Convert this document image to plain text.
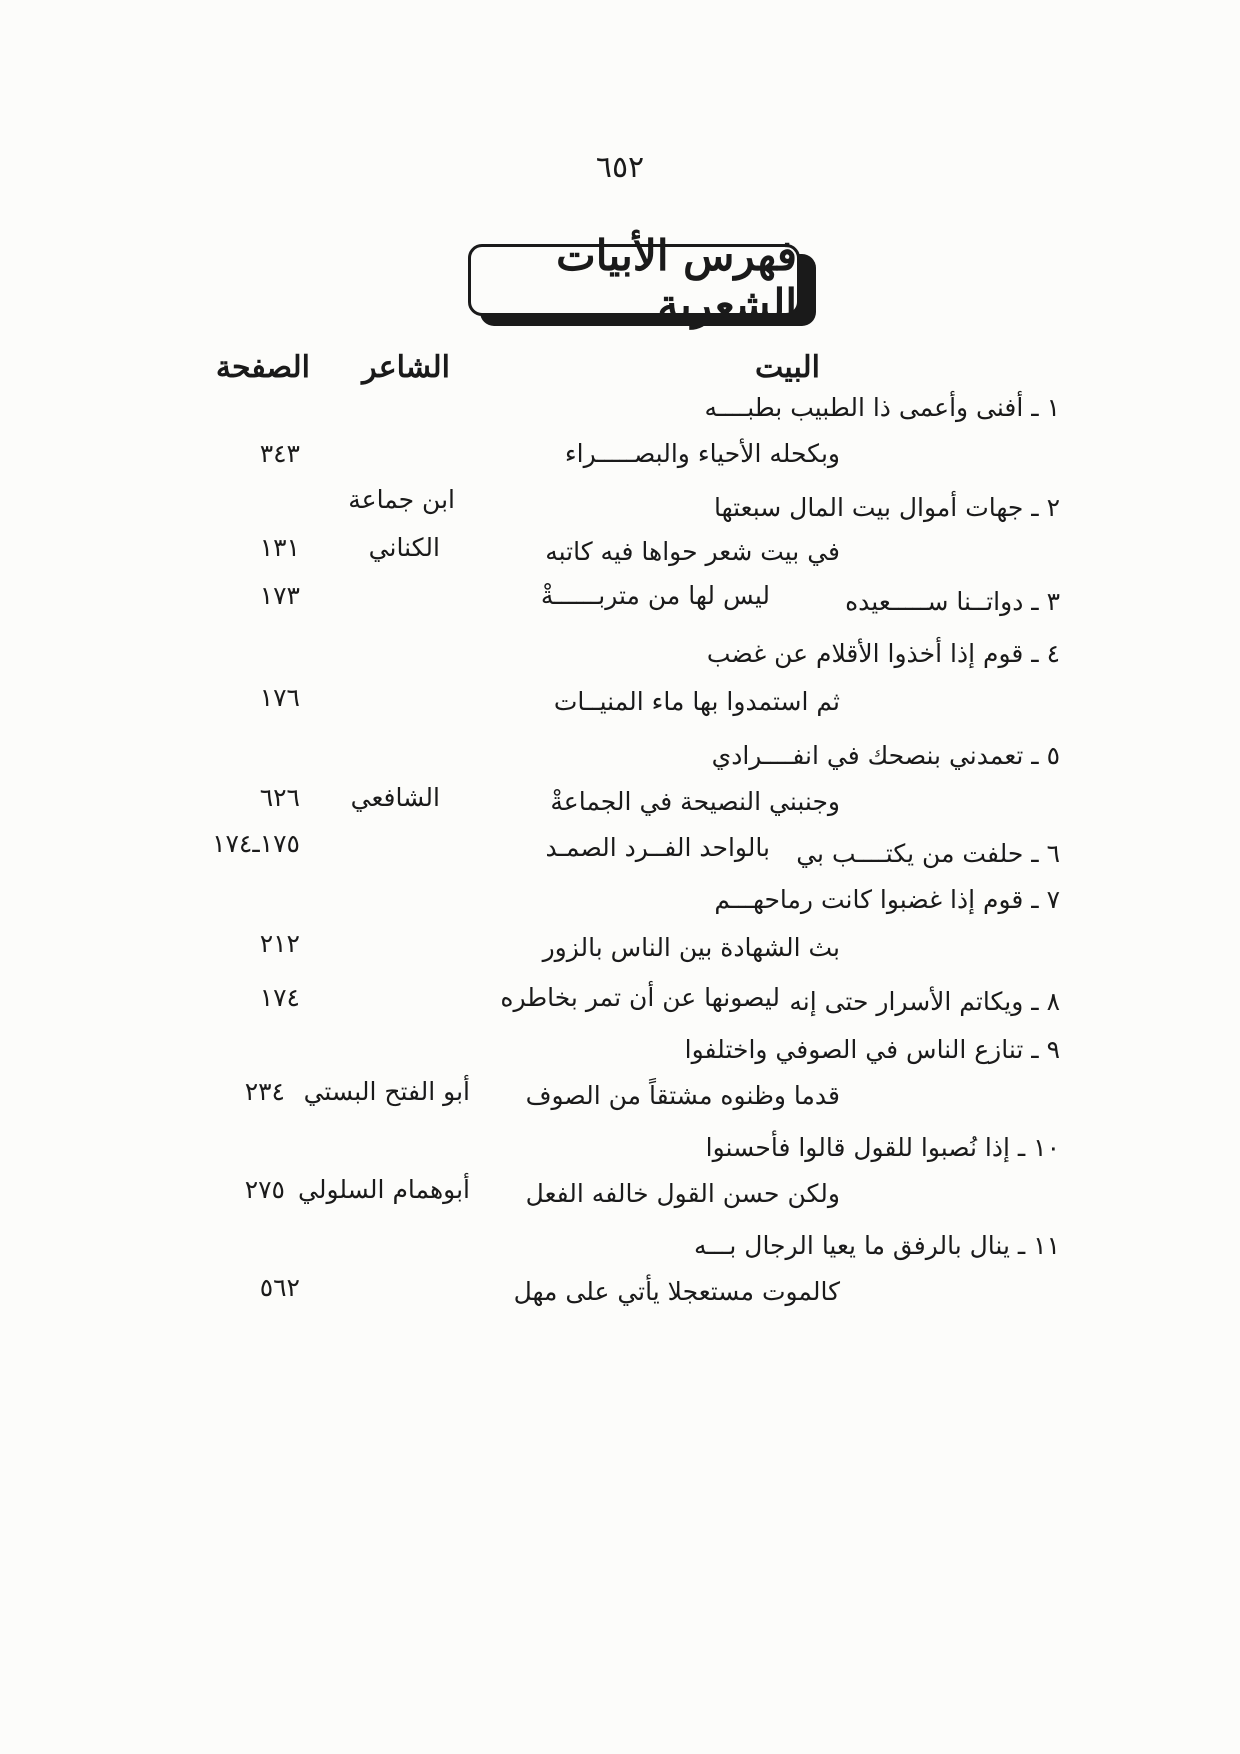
٦٥٢
فهرس الأبيات الشعرية
البيت
الشاعر
الصفحة
١ ـ أفنى وأعمى ذا الطبيب بطبــــه
وبكحله الأحياء والبصـــــراء
٣٤٣
٢ ـ جهات أموال بيت المال سبعتها
ابن جماعة
في بيت شعر حواها فيه كاتبه
الكناني
١٣١
٣ ـ دواتــنا ســـــعيده
ليس لها من متربــــــةْ
١٧٣
٤ ـ قوم إذا أخذوا الأقلام عن غضب
ثم استمدوا بها ماء المنيــات
١٧٦
٥ ـ تعمدني بنصحك في انفــــرادي
وجنبني النصيحة في الجماعةْ
الشافعي
٦٢٦
٦ ـ حلفت من يكتــــب بي
بالواحد الفــرد الصمـد
١٧٥ـ١٧٤
٧ ـ قوم إذا غضبوا كانت رماحهـــم
بث الشهادة بين الناس بالزور
٢١٢
٨ ـ ويكاتم الأسرار حتى إنه
ليصونها عن أن تمر بخاطره
١٧٤
٩ ـ تنازع الناس في الصوفي واختلفوا
قدما وظنوه مشتقاً من الصوف
أبو الفتح البستي
٢٣٤
١٠ ـ إذا نُصبوا للقول قالوا فأحسنوا
ولكن حسن القول خالفه الفعل
أبوهمام السلولي
٢٧٥
١١ ـ ينال بالرفق ما يعيا الرجال بـــه
كالموت مستعجلا يأتي على مهل
٥٦٢
